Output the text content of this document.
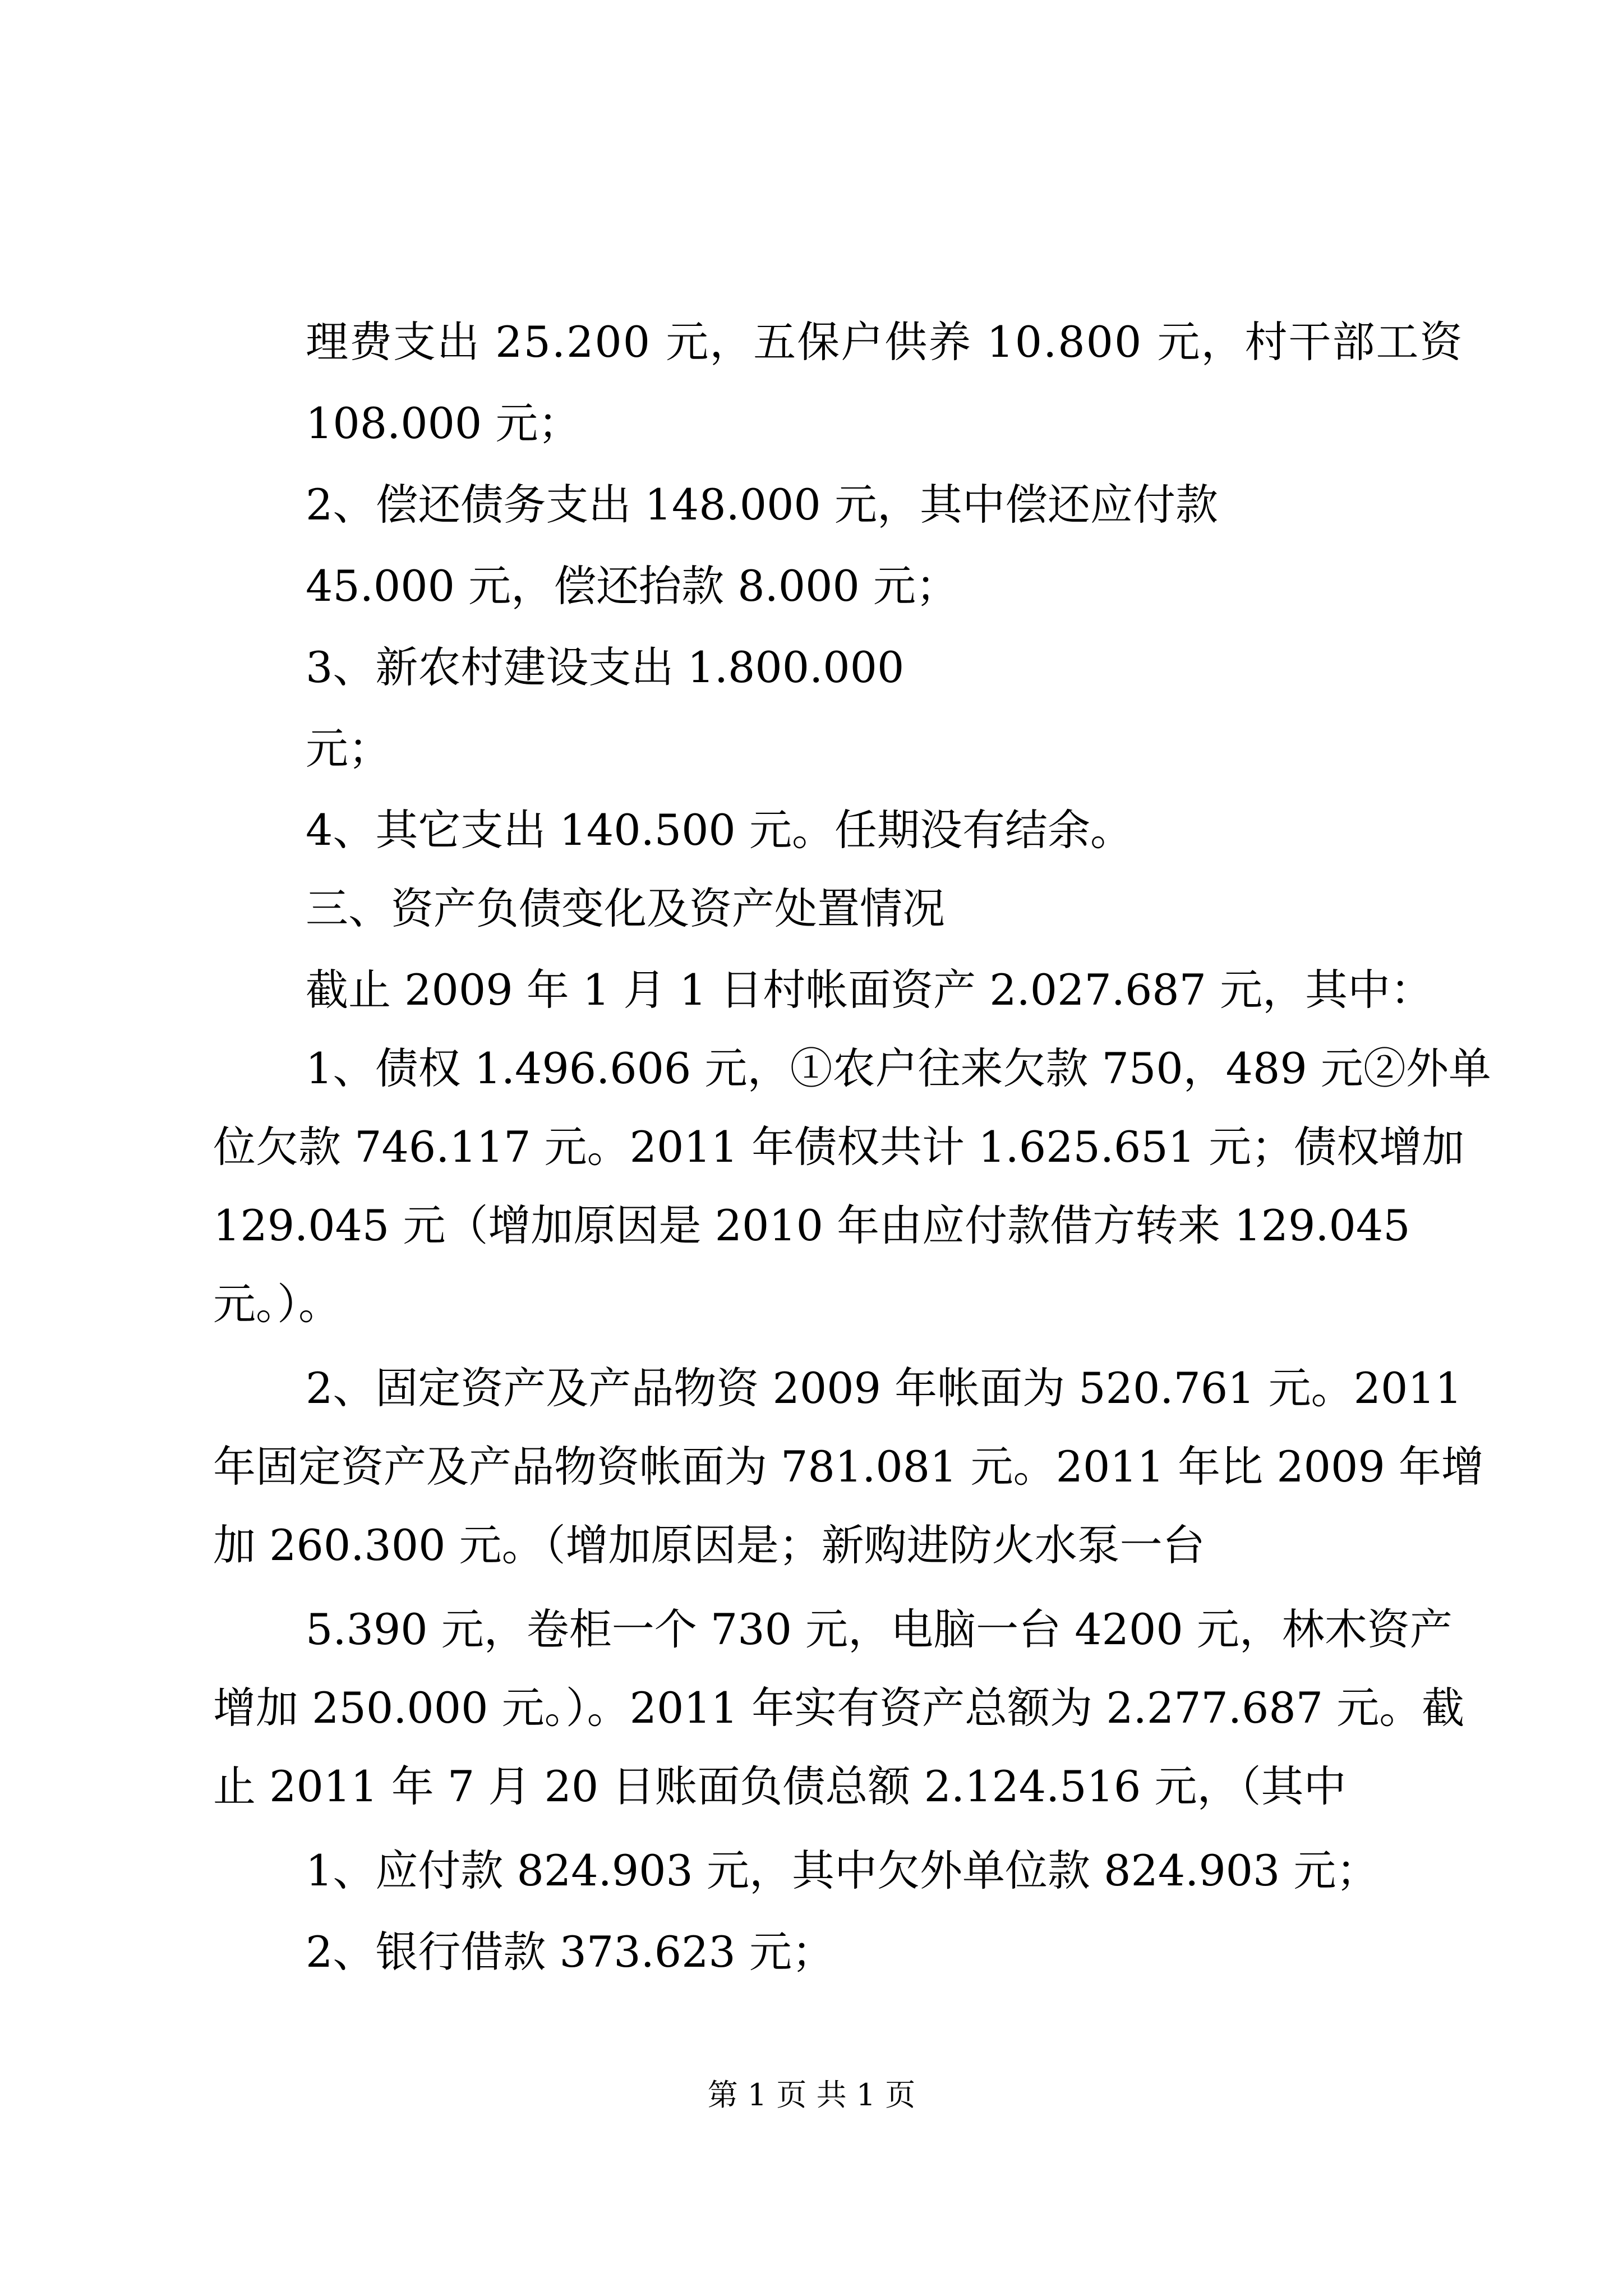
理费支出 25.200 元，五保户供养 10.800 元，村干部工资
108.000 元；
2、偿还债务支出 148.000 元，其中偿还应付款
45.000 元，偿还抬款 8.000 元；
3、新农村建设支出 1.800.000
元；
4、其它支出 140.500 元。任期没有结余。
三、资产负债变化及资产处置情况
截止 2009 年 1 月 1 日村帐面资产 2.027.687 元，其中：
1、债权 1.496.606 元，①农户往来欠款 750，489 元②外单
位欠款 746.117 元。2011 年债权共计 1.625.651 元；债权增加
129.045 元（增加原因是 2010 年由应付款借方转来 129.045
元。）。
2、固定资产及产品物资 2009 年帐面为 520.761 元。2011
年固定资产及产品物资帐面为 781.081 元。2011 年比 2009 年增
加 260.300 元。（增加原因是；新购进防火水泵一台
5.390 元，卷柜一个 730 元，电脑一台 4200 元，林木资产
增加 250.000 元。）。2011 年实有资产总额为 2.277.687 元。截
止 2011 年 7 月 20 日账面负债总额 2.124.516 元，（其中
1、应付款 824.903 元，其中欠外单位款 824.903 元；
2、银行借款 373.623 元；
第 1 页 共 1 页
